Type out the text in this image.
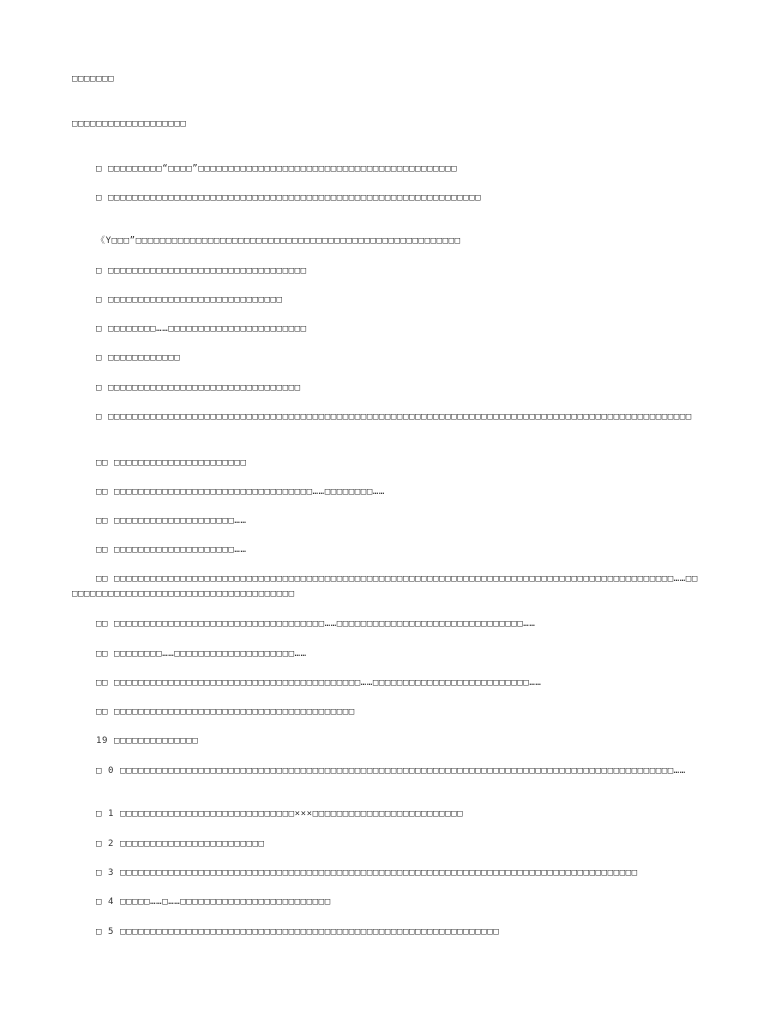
□□□□□□□

□□□□□□□□□□□□□□□□□□□

□ □□□□□□□□□“□□□□”□□□□□□□□□□□□□□□□□□□□□□□□□□□□□□□□□□□□□□□□□□□

□ □□□□□□□□□□□□□□□□□□□□□□□□□□□□□□□□□□□□□□□□□□□□□□□□□□□□□□□□□□□□□□

《Y□□□”□□□□□□□□□□□□□□□□□□□□□□□□□□□□□□□□□□□□□□□□□□□□□□□□□□□□□□

□ □□□□□□□□□□□□□□□□□□□□□□□□□□□□□□□□□

□ □□□□□□□□□□□□□□□□□□□□□□□□□□□□□

□ □□□□□□□□……□□□□□□□□□□□□□□□□□□□□□□□

□ □□□□□□□□□□□□

□ □□□□□□□□□□□□□□□□□□□□□□□□□□□□□□□□

□ □□□□□□□□□□□□□□□□□□□□□□□□□□□□□□□□□□□□□□□□□□□□□□□□□□□□□□□□□□□□□□□□□□□□□□□□□□□□□□□□□□□□□□□□□□□□□□□□□

□□ □□□□□□□□□□□□□□□□□□□□□□

□□ □□□□□□□□□□□□□□□□□□□□□□□□□□□□□□□□□……□□□□□□□□……

□□ □□□□□□□□□□□□□□□□□□□□……

□□ □□□□□□□□□□□□□□□□□□□□……

□□ □□□□□□□□□□□□□□□□□□□□□□□□□□□□□□□□□□□□□□□□□□□□□□□□□□□□□□□□□□□□□□□□□□□□□□□□□□□□□□□□□□□□□□□□□□□□□……□□□□□□□□□□□□□□□□□□□□□□□□□□□□□□□□□□□□□□□

□□ □□□□□□□□□□□□□□□□□□□□□□□□□□□□□□□□□□□……□□□□□□□□□□□□□□□□□□□□□□□□□□□□□□□……

□□ □□□□□□□□……□□□□□□□□□□□□□□□□□□□□……

□□ □□□□□□□□□□□□□□□□□□□□□□□□□□□□□□□□□□□□□□□□□……□□□□□□□□□□□□□□□□□□□□□□□□□□……

□□ □□□□□□□□□□□□□□□□□□□□□□□□□□□□□□□□□□□□□□□□

19 □□□□□□□□□□□□□□

□ 0 □□□□□□□□□□□□□□□□□□□□□□□□□□□□□□□□□□□□□□□□□□□□□□□□□□□□□□□□□□□□□□□□□□□□□□□□□□□□□□□□□□□□□□□□□□□□……

□ 1 □□□□□□□□□□□□□□□□□□□□□□□□□□□□□×××□□□□□□□□□□□□□□□□□□□□□□□□□

□ 2 □□□□□□□□□□□□□□□□□□□□□□□□

□ 3 □□□□□□□□□□□□□□□□□□□□□□□□□□□□□□□□□□□□□□□□□□□□□□□□□□□□□□□□□□□□□□□□□□□□□□□□□□□□□□□□□□□□□□

□ 4 □□□□□……□……□□□□□□□□□□□□□□□□□□□□□□□□□

□ 5 □□□□□□□□□□□□□□□□□□□□□□□□□□□□□□□□□□□□□□□□□□□□□□□□□□□□□□□□□□□□□□□
